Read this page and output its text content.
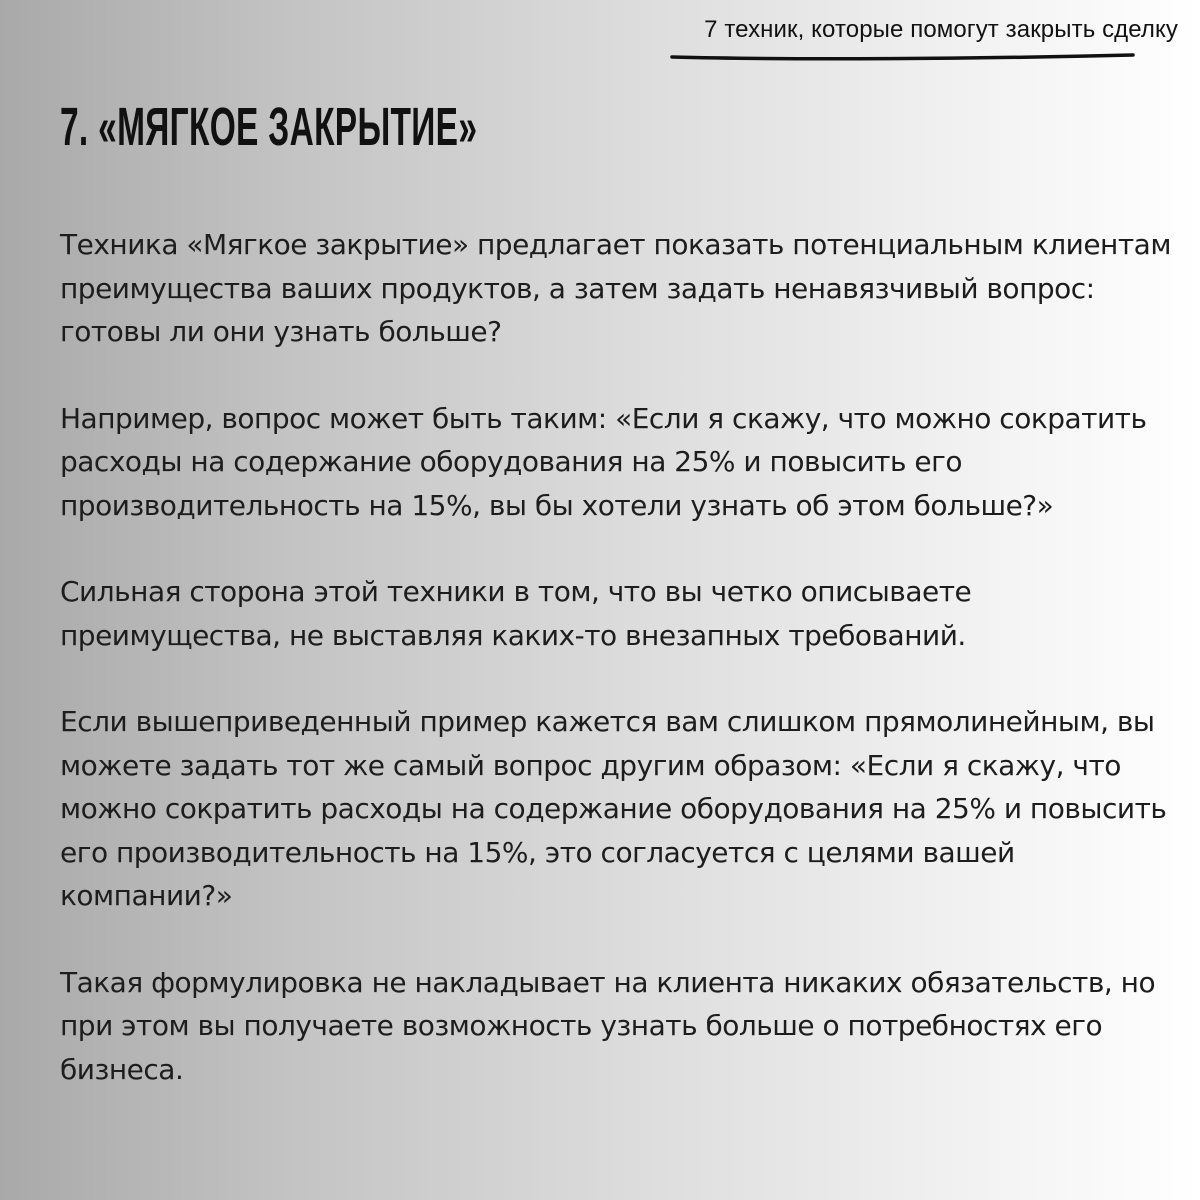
7 техник, которые помогут закрыть сделку
7. «МЯГКОЕ ЗАКРЫТИЕ»

Техника «Мягкое закрытие» предлагает показать потенциальным клиентам преимущества ваших продуктов, а затем задать ненавязчивый вопрос: готовы ли они узнать больше?

Например, вопрос может быть таким: «Если я скажу, что можно сократить расходы на содержание оборудования на 25% и повысить его производительность на 15%, вы бы хотели узнать об этом больше?»

Сильная сторона этой техники в том, что вы четко описываете преимущества, не выставляя каких-то внезапных требований.

Если вышеприведенный пример кажется вам слишком прямолинейным, вы можете задать тот же самый вопрос другим образом: «Если я скажу, что можно сократить расходы на содержание оборудования на 25% и повысить его производительность на 15%, это согласуется с целями вашей компании?»

Такая формулировка не накладывает на клиента никаких обязательств, но при этом вы получаете возможность узнать больше о потребностях его бизнеса.
